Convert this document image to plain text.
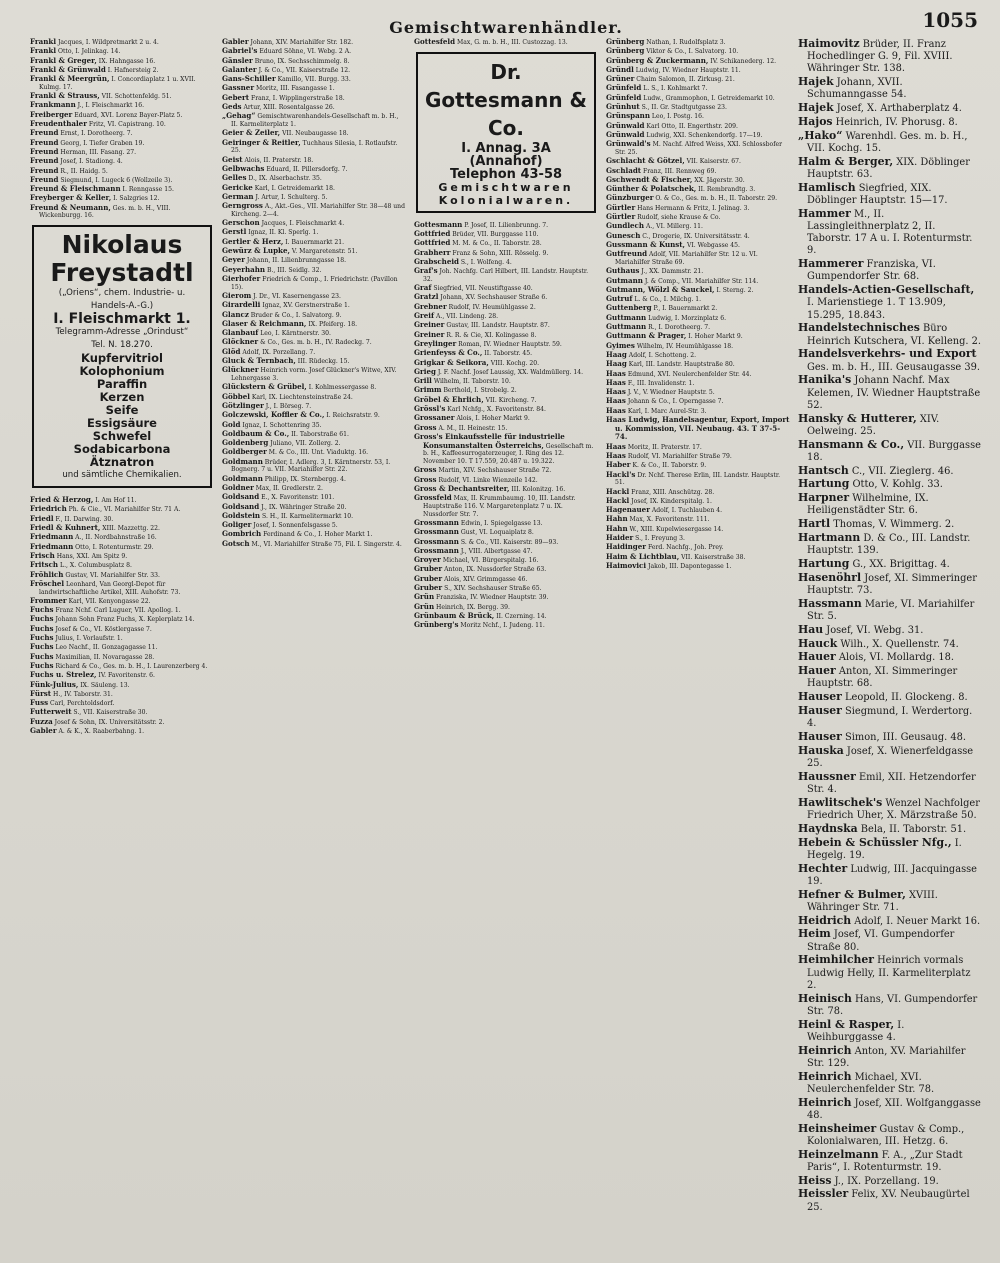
Gemischtwarenhändler.	1055
Frankl Jacques, I. Wildpretmarkt 2 u. 4.
Frankl Otto, I. Jelinkag. 14.
Frankl & Greger, IX. Hahngasse 16.
Frankl & Grünwald I. Hafnersteig 2.
Frankl & Meergrün, I. Concordiaplatz 1 u. XVII. Kulmg. 17.
Frankl & Strauss, VII. Schottenfeldg. 51.
Frankmann J., I. Fleischmarkt 16.
Freiberger Eduard, XVI. Lorenz Bayer-Platz 5.
Freudenthaler Fritz, VI. Capistrang. 10.
Freund Ernst, I. Dorotheerg. 7.
Freund Georg, I. Tiefer Graben 19.
Freund Herman, III. Fasang. 27.
Freund Josef, I. Stadiong. 4.
Freund R., II. Haidg. 5.
Freund Siegmund, I. Lugeck 6 (Wollzeile 3).
Freund & Fleischmann I. Renngasse 15.
Freyberger & Keller, I. Salzgries 12.
Freund & Neumann, Ges. m. b. H., VIII. Wickenburgg. 16.
Nikolaus Freystadtl
(„Oriens“, chem. Industrie- u. Handels-A.-G.)
I. Fleischmarkt 1.
Telegramm-Adresse „Orindust“
Tel. N. 18.270.
Kupfervitriol
Kolophonium
Paraffin
Kerzen
Seife
Essigsäure
Schwefel
Sodabicarbona
Ätznatron
und sämtliche Chemikalien.
Fried & Herzog, I. Am Hof 11.
Friedrich Ph. & Cie., VI. Mariahilfer Str. 71 A.
Friedl F., II. Darwing. 30.
Friedl & Kuhnert, XIII. Mazzettg. 22.
Friedmann A., II. Nordbahnstraße 16.
Friedmann Otto, I. Rotenturmstr. 29.
Frisch Hans, XXI. Am Spitz 9.
Fritsch L., X. Columbusplatz 8.
Fröhlich Gustav, VI. Mariahilfer Str. 33.
Fröschel Leonhard, Van Georgl-Depot für landwirtschaftliche Artikel, XIII. Auhofstr. 73.
Frommer Karl, VII. Kenyongasse 22.
Fuchs Franz Nchf. Carl Luguer, VII. Apollog. 1.
Fuchs Johann Sohn Franz Fuchs, X. Keplerplatz 14.
Fuchs Josef & Co., VI. Köstlergasse 7.
Fuchs Julius, I. Vorlaufstr. 1.
Fuchs Leo Nachf., II. Gonzagagasse 11.
Fuchs Maximilian, II. Novaragasse 28.
Fuchs Richard & Co., Ges. m. b. H., I. Laurenzerberg 4.
Fuchs u. Strelez, IV. Favoritenstr. 6.
Fünk-Julius, IX. Säuleng. 13.
Fürst H., IV. Taborstr. 31.
Fuss Carl, Perchtoldsdorf.
Futterweit S., VII. Kaiserstraße 30.
Fuzza Josef & Sohn, IX. Universitätsstr. 2.
Gabler A. & K., X. Raaberbahng. 1.
Gabler Johann, XIV. Mariahilfer Str. 182.
Gabriel's Eduard Söhne, VI. Webg. 2 A.
Gänsler Bruno, IX. Sechsschimmelg. 8.
Galanter J. & Co., VII. Kaiserstraße 12.
Gans-Schiller Kamillo, VII. Burgg. 33.
Gassner Moritz, III. Fasangasse 1.
Gebert Franz, I. Wipplingerstraße 18.
Geds Artur, XIII. Rosentalgasse 26.
„Gehag“ Gemischtwarenhandels-Gesellschaft m. b. H., II. Karmeliterplatz 1.
Geier & Zeiler, VII. Neubaugasse 18.
Geiringer & Reitler, Tuchhaus Silesia, I. Rotlaufstr. 25.
Geist Alois, II. Praterstr. 18.
Gelbwachs Eduard, II. Pillersdorfg. 7.
Gelles D., IX. Alserbachstr. 35.
Gericke Karl, I. Getreidemarkt 18.
German J. Artur, I. Schulterg. 5.
Gerngross A., Akt.-Ges., VII. Mariahilfer Str. 38—48 und Kircheng. 2—4.
Gerschon Jacques, I. Fleischmarkt 4.
Gerstl Ignaz, II. Kl. Sperlg. 1.
Gertler & Herz, I. Bauernmarkt 21.
Gewürz & Lupke, V. Margaretenstr. 51.
Geyer Johann, II. Lilienbrunngasse 18.
Geyerhahn B., III. Seidlg. 32.
Gierhofer Friedrich & Comp., I. Friedrichstr. (Pavillon 15).
Gierom J. Dr., VI. Kasernengasse 23.
Girardelli Ignaz, XV. Gerstnerstraße 1.
Glancz Bruder & Co., I. Salvatorg. 9.
Glaser & Reichmann, IX. Pfeiferg. 18.
Glanbauf Leo, I. Kärntnerstr. 30.
Glöckner & Co., Ges. m. b. H., IV. Radeckg. 7.
Glöd Adolf, IX. Porzellang. 7.
Gluck & Ternbach, III. Rüdeckg. 15.
Glückner Heinrich vorm. Josef Glückner's Witwe, XIV. Lehnergasse 3.
Glückstern & Grübel, I. Kohlmessergasse 8.
Göbbel Karl, IX. Liechtensteinstraße 24.
Götzlinger J., I. Börseg. 7.
Golczewski, Koffler & Co., I. Reichsratstr. 9.
Gold Ignaz, I. Schottenring 35.
Goldbaum & Co., II. Taborstraße 61.
Goldenberg Juliano, VII. Zollerg. 2.
Goldberger M. & Co., III. Unt. Viaduktg. 16.
Goldmann Brüder, I. Adlerg. 3, I. Kärntnerstr. 53, I. Bognerg. 7 u. VII. Mariahilfer Str. 22.
Goldmann Philipp, IX. Sternbergg. 4.
Goldner Max, II. Gredlerstr. 2.
Goldsand E., X. Favoritenstr. 101.
Goldsand J., IX. Währinger Straße 20.
Goldstein S. H., II. Karmelitermarkt 10.
Goliger Josef, I. Sonnenfelsgasse 5.
Gombrich Ferdinand & Co., I. Hoher Markt 1.
Gotsch M., VI. Mariahilfer Straße 75, Fil. I. Singerstr. 4.
Gottesfeld Max, G. m. b. H., III. Custozzag. 13.
Dr. Gottesmann & Co.
I. Annag. 3A (Annahof)
Telephon 43-58
Gemischtwaren
Kolonialwaren.
Gottesmann P. Josef, II. Lilienbrunng. 7.
Gottfried Brüder, VII. Burggasse 110.
Gottfried M. M. & Co., II. Taborstr. 28.
Grabherr Franz & Sohn, XIII. Rösselg. 9.
Grabscheid S., I. Wolfeng. 4.
Graf's Joh. Nachfg. Carl Hilbert, III. Landstr. Hauptstr. 32.
Graf Siegfried, VII. Neustiftgasse 40.
Gratzl Johann, XV. Sechshauser Straße 6.
Grebner Rudolf, IV. Heumühlgasse 2.
Greif A., VII. Lindeng. 28.
Greiner Gustav, III. Landstr. Hauptstr. 87.
Greiner R. R. & Cie, XI. Kolingasse 8.
Greylinger Roman, IV. Wiedner Hauptstr. 59.
Grienfeyss & Co., II. Taborstr. 45.
Grigkar & Seikora, VIII. Kochg. 20.
Grieg J. F. Nachf. Josef Laussig, XX. Waldmüllerg. 14.
Grill Wilhelm, II. Taborstr. 10.
Grimm Berthold, I. Strobelg. 2.
Gröbel & Ehrlich, VII. Kircheng. 7.
Grössl's Karl Nchfg., X. Favoritenstr. 84.
Grossaner Alois, I. Hoher Markt 9.
Gross A. M., II. Heinestr. 15.
Gross's Einkaufsstelle für industrielle Konsumanstalten Österreichs, Gesellschaft m. b. H., Kaffeesurrogaterzeuger, I. Ring des 12. November 10. T 17.559, 20.487 u. 19.322.
Gross Martin, XIV. Sechshauser Straße 72.
Gross Rudolf, VI. Linke Wienzeile 142.
Gross & Dechantsreiter, III. Kolonitzg. 16.
Grossfeld Max, II. Krummbaumg. 10, III. Landstr. Hauptstraße 116. V. Margaretenplatz 7 u. IX. Nussdorfer Str. 7.
Grossmann Edwin, I. Spiegelgasse 13.
Grossmann Gust, VI. Loquaiplatz 8.
Grossmann S. & Co., VII. Kaiserstr. 89—93.
Grossmann J., VIII. Albertgasse 47.
Groyer Michael, VI. Bürgerspitalg. 16.
Gruber Anton, IX. Nussdorfer Straße 63.
Gruber Alois, XIV. Grimmgasse 46.
Gruber S., XIV. Sechshauser Straße 65.
Grün Franziska, IV. Wiedner Hauptstr. 39.
Grün Heinrich, IX. Bergg. 39.
Grünbaum & Brück, II. Czerning. 14.
Grünberg's Moritz Nchf., I. Judeng. 11.
Grünberg Nathan, I. Rudolfsplatz 3.
Grünberg Viktor & Co., I. Salvatorg. 10.
Grünberg & Zuckermann, IV. Schikanederg. 12.
Gründl Ludwig, IV. Wiedner Hauptstr. 11.
Grüner Chaim Salomon, II. Zirkusg. 21.
Grünfeld L. S., I. Kohlmarkt 7.
Grünfeld Ludw., Grammophon, I. Getreidemarkt 10.
Grünhut S., II. Gr. Stadtgutgasse 23.
Grünspann Leo, I. Postg. 16.
Grünwald Karl Otto, II. Engerthstr. 209.
Grünwald Ludwig, XXI. Schenkendorfg. 17—19.
Grünwald's M. Nachf. Alfred Weiss, XXI. Schlossbofer Str. 25.
Gschlacht & Götzel, VII. Kaiserstr. 67.
Gschladt Franz, III. Rennweg 69.
Gschwendt & Fischer, XX. Jägerstr. 30.
Günther & Polatschek, II. Rembrandtg. 3.
Günzburger O. & Co., Ges. m. b. H., II. Taborstr. 29.
Gürtler Hans Hermann & Fritz, I. Jelinag. 3.
Gürtler Rudolf, siehe Krause & Co.
Gundlech A., VI. Millerg. 11.
Gunesch C., Drogerie, IX. Universitätsstr. 4.
Gussmann & Kunst, VI. Webgasse 45.
Gutfreund Adolf, VII. Mariahilfer Str. 12 u. VI. Mariahilfer Straße 69.
Guthaus J., XX. Dammstr. 21.
Gutmann J. & Comp., VII. Mariahilfer Str. 114.
Gutmann, Wölzl & Sauckel, I. Sterng. 2.
Gutruf L. & Co., I. Milchg. 1.
Guttenberg P., I. Bauernmarkt 2.
Guttmann Ludwig, I. Morzinplatz 6.
Guttmann R., I. Dorotheerg. 7.
Guttmann & Prager, I. Hoher Markt 9.
Gyimes Wilhelm, IV. Heumühlgasse 18.
Haag Adolf, I. Schotteng. 2.
Haag Karl, III. Landstr. Hauptstraße 80.
Haas Edmund, XVI. Neulerchenfelder Str. 44.
Haas F., III. Invalidenstr. 1.
Haas J. V., V. Wiedner Hauptstr. 5.
Haas Johann & Co., I. Operngasse 7.
Haas Karl, I. Marc Aurel-Str. 3.
Haas Ludwig, Handelsagentur, Export, Import u. Kommission, VII. Neubaug. 43. T 37-5-74.
Haas Moritz, II. Praterstr. 17.
Haas Rudolf, VI. Mariahilfer Straße 79.
Haber K. & Co., II. Taborstr. 9.
Hackl's Dr. Nchf. Therese Erlin, III. Landstr. Hauptstr. 51.
Hackl Franz, XIII. Anschützg. 28.
Hackl Josef, IX. Kinderspitalg. 1.
Hagenauer Adolf, I. Tuchlauben 4.
Hahn Max, X. Favoritenstr. 111.
Hahn W., XIII. Kupelwiesergasse 14.
Haider S., I. Freyung 3.
Haidinger Ferd. Nachfg., Joh. Prey.
Haim & Lichtblau, VII. Kaiserstraße 38.
Haimovici Jakob, III. Dapontegasse 1.
Haimovitz Brüder, II. Franz Hochedlinger G. 9, Fil. XVIII. Währinger Str. 138.
Hajek Johann, XVII. Schumanngasse 54.
Hajek Josef, X. Arthaberplatz 4.
Hajos Heinrich, IV. Phorusg. 8.
„Hako“ Warenhdl. Ges. m. b. H., VII. Kochg. 15.
Halm & Berger, XIX. Döblinger Hauptstr. 63.
Hamlisch Siegfried, XIX. Döblinger Hauptstr. 15—17.
Hammer M., II. Lassingleithnerplatz 2, II. Taborstr. 17 A u. I. Rotenturmstr. 9.
Hammerer Franziska, VI. Gumpendorfer Str. 68.
Handels-Actien-Gesellschaft, I. Marienstiege 1. T 13.909, 15.295, 18.843.
Handelstechnisches Büro Heinrich Kutschera, VI. Kelleng. 2.
Handelsverkehrs- und Export Ges. m. b. H., III. Geusaugasse 39.
Hanika's Johann Nachf. Max Kelemen, IV. Wiedner Hauptstraße 52.
Hansky & Hutterer, XIV. Oelweing. 25.
Hansmann & Co., VII. Burggasse 18.
Hantsch C., VII. Zieglerg. 46.
Hartung Otto, V. Kohlg. 33.
Harpner Wilhelmine, IX. Heiligenstädter Str. 6.
Hartl Thomas, V. Wimmerg. 2.
Hartmann D. & Co., III. Landstr. Hauptstr. 139.
Hartung G., XX. Brigittag. 4.
Hasenöhrl Josef, XI. Simmeringer Hauptstr. 73.
Hassmann Marie, VI. Mariahilfer Str. 5.
Hau Josef, VI. Webg. 31.
Hauck Wilh., X. Quellenstr. 74.
Hauer Alois, VI. Mollardg. 18.
Hauer Anton, XI. Simmeringer Hauptstr. 68.
Hauser Leopold, II. Glockeng. 8.
Hauser Siegmund, I. Werdertorg. 4.
Hauser Simon, III. Geusaug. 48.
Hauska Josef, X. Wienerfeldgasse 25.
Haussner Emil, XII. Hetzendorfer Str. 4.
Hawlitschek's Wenzel Nachfolger Friedrich Uher, X. Märzstraße 50.
Haydnska Bela, II. Taborstr. 51.
Hebein & Schüssler Nfg., I. Hegelg. 19.
Hechter Ludwig, III. Jacquingasse 19.
Hefner & Bulmer, XVIII. Währinger Str. 71.
Heidrich Adolf, I. Neuer Markt 16.
Heim Josef, VI. Gumpendorfer Straße 80.
Heimhilcher Heinrich vormals Ludwig Helly, II. Karmeliterplatz 2.
Heinisch Hans, VI. Gumpendorfer Str. 78.
Heinl & Rasper, I. Weihburggasse 4.
Heinrich Anton, XV. Mariahilfer Str. 129.
Heinrich Michael, XVI. Neulerchenfelder Str. 78.
Heinrich Josef, XII. Wolfganggasse 48.
Heinsheimer Gustav & Comp., Kolonialwaren, III. Hetzg. 6.
Heinzelmann F. A., „Zur Stadt Paris“, I. Rotenturmstr. 19.
Heiss J., IX. Porzellang. 19.
Heissler Felix, XV. Neubaugürtel 25.
